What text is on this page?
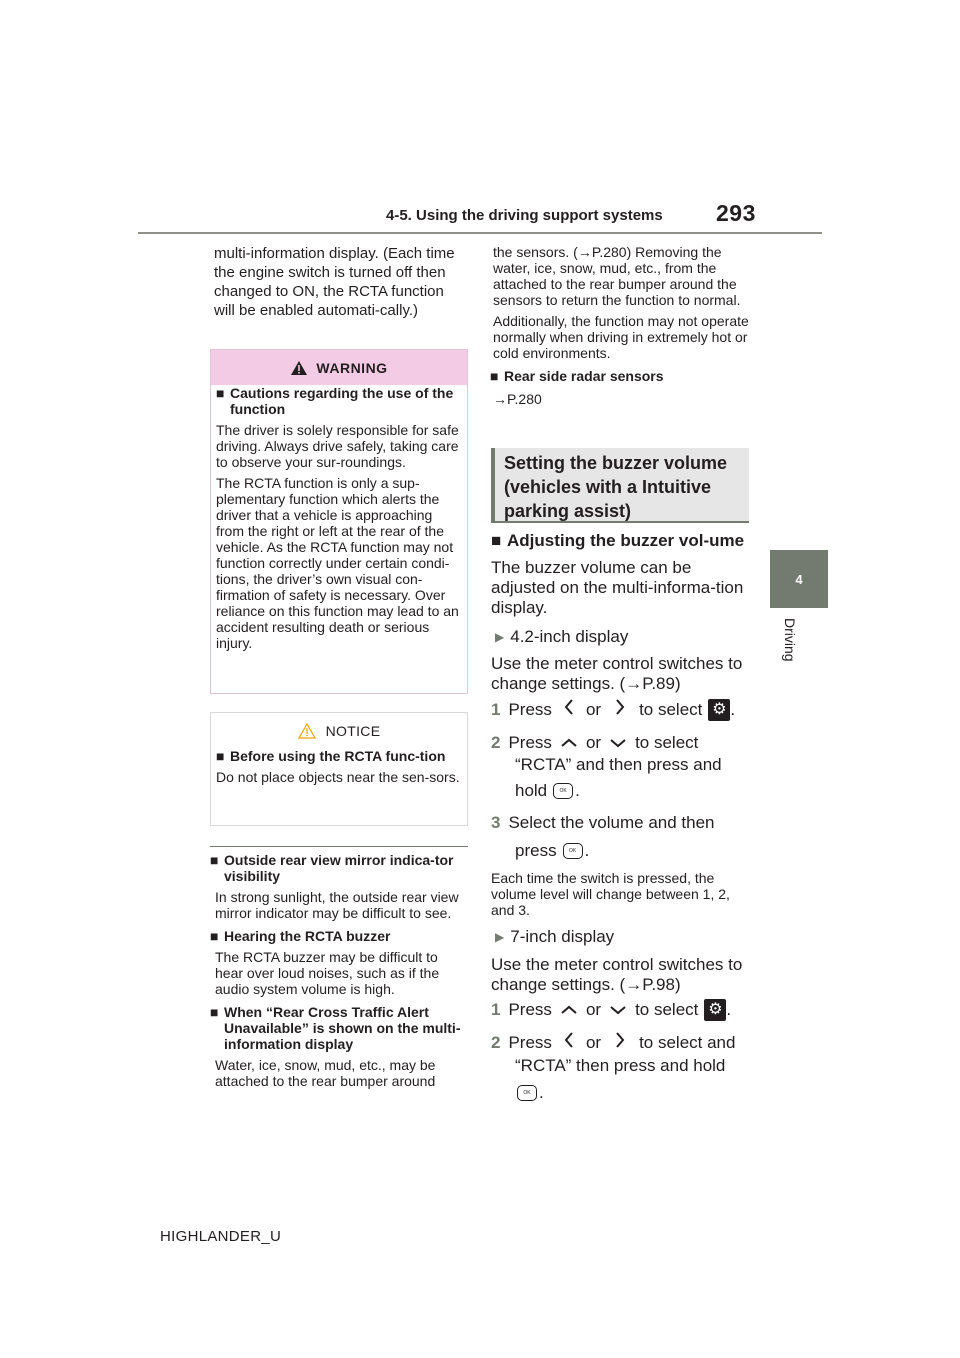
4-5. Using the driving support systems 293
4
Driving

multi-information display. (Each time the engine switch is turned off then changed to ON, the RCTA function will be enabled automati-cally.)

WARNING
■ Cautions regarding the use of the function

The driver is solely responsible for safe driving. Always drive safely, taking care to observe your sur-roundings.

The RCTA function is only a sup-plementary function which alerts the driver that a vehicle is approaching from the right or left at the rear of the vehicle. As the RCTA function may not function correctly under certain condi-tions, the driver’s own visual con-firmation of safety is necessary. Over reliance on this function may lead to an accident resulting death or serious injury.

NOTICE
■ Before using the RCTA func-tion

Do not place objects near the sen-sors.

■ Outside rear view mirror indica-tor visibility

In strong sunlight, the outside rear view mirror indicator may be difficult to see.

■ Hearing the RCTA buzzer

The RCTA buzzer may be difficult to hear over loud noises, such as if the audio system volume is high.

■ When “Rear Cross Traffic Alert Unavailable” is shown on the multi-information display

Water, ice, snow, mud, etc., may be attached to the rear bumper around

the sensors. (→P.280) Removing the water, ice, snow, mud, etc., from the attached to the rear bumper around the sensors to return the function to normal.

Additionally, the function may not operate normally when driving in extremely hot or cold environments.

■ Rear side radar sensors

→P.280

Setting the buzzer volume (vehicles with a Intuitive parking assist)
■ Adjusting the buzzer vol-ume

The buzzer volume can be adjusted on the multi-informa-tion display.

▶ 4.2-inch display

Use the meter control switches to change settings. (→P.89)

1 Press or to select ⚙ .
2 Press or to select
“RCTA” and then press and
hold	OK .
3 Select the volume and then
press	OK .

Each time the switch is pressed, the volume level will change between 1, 2, and 3.

▶ 7-inch display

Use the meter control switches to change settings. (→P.98)

1 Press or to select ⚙ .
2 Press or to select and
“RCTA” then press and hold
OK .
HIGHLANDER_U
